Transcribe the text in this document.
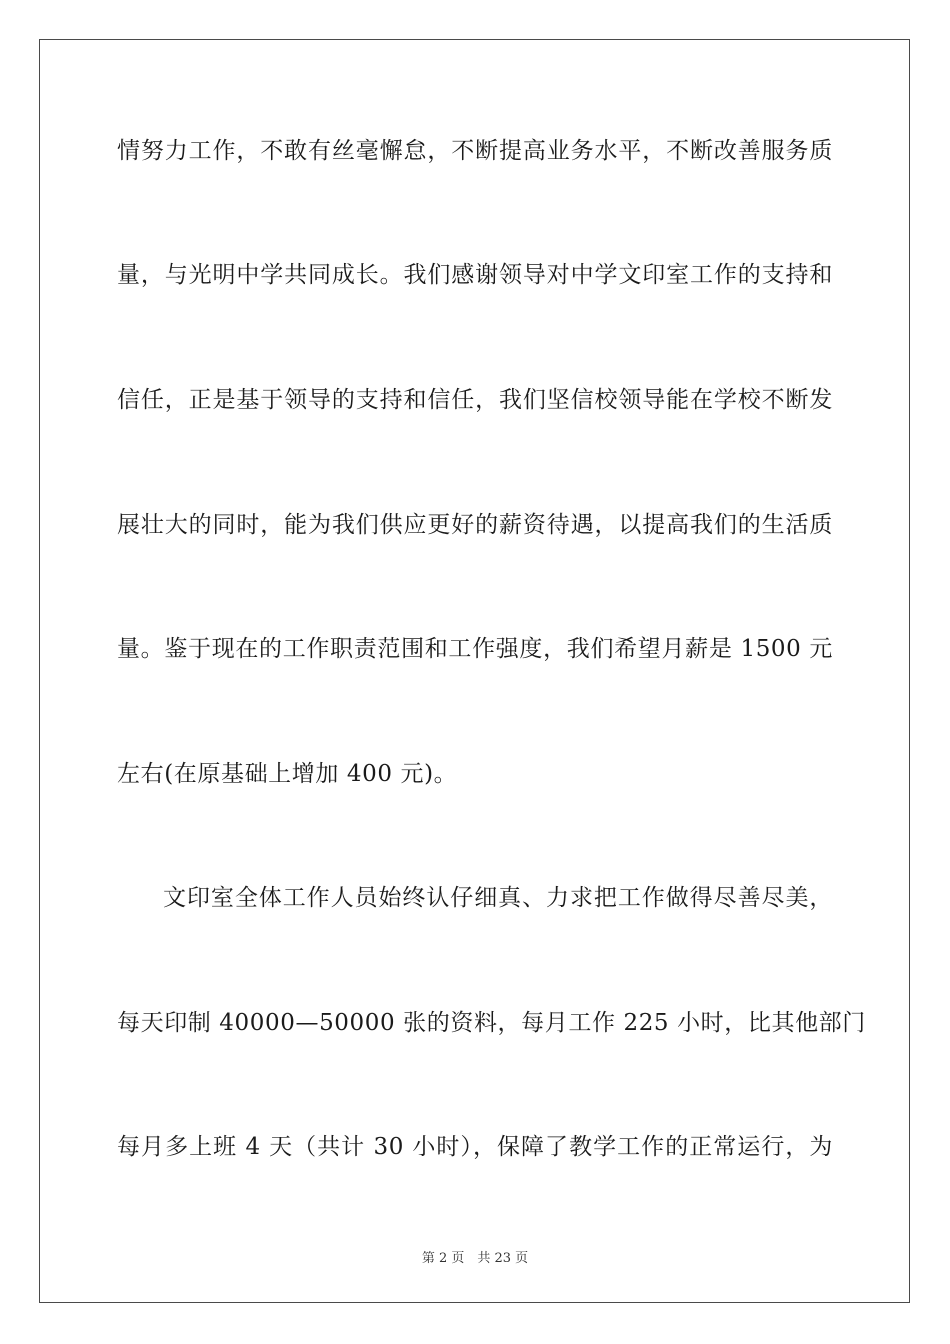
情努力工作，不敢有丝毫懈怠，不断提高业务水平，不断改善服务质
量，与光明中学共同成长。我们感谢领导对中学文印室工作的支持和
信任，正是基于领导的支持和信任，我们坚信校领导能在学校不断发
展壮大的同时，能为我们供应更好的薪资待遇，以提高我们的生活质
量。鉴于现在的工作职责范围和工作强度，我们希望月薪是 1500 元
左右(在原基础上增加 400 元)。
文印室全体工作人员始终认仔细真、力求把工作做得尽善尽美，
每天印制 40000—50000 张的资料，每月工作 225 小时，比其他部门
每月多上班 4 天（共计 30 小时），保障了教学工作的正常运行，为
第 2 页　共 23 页
